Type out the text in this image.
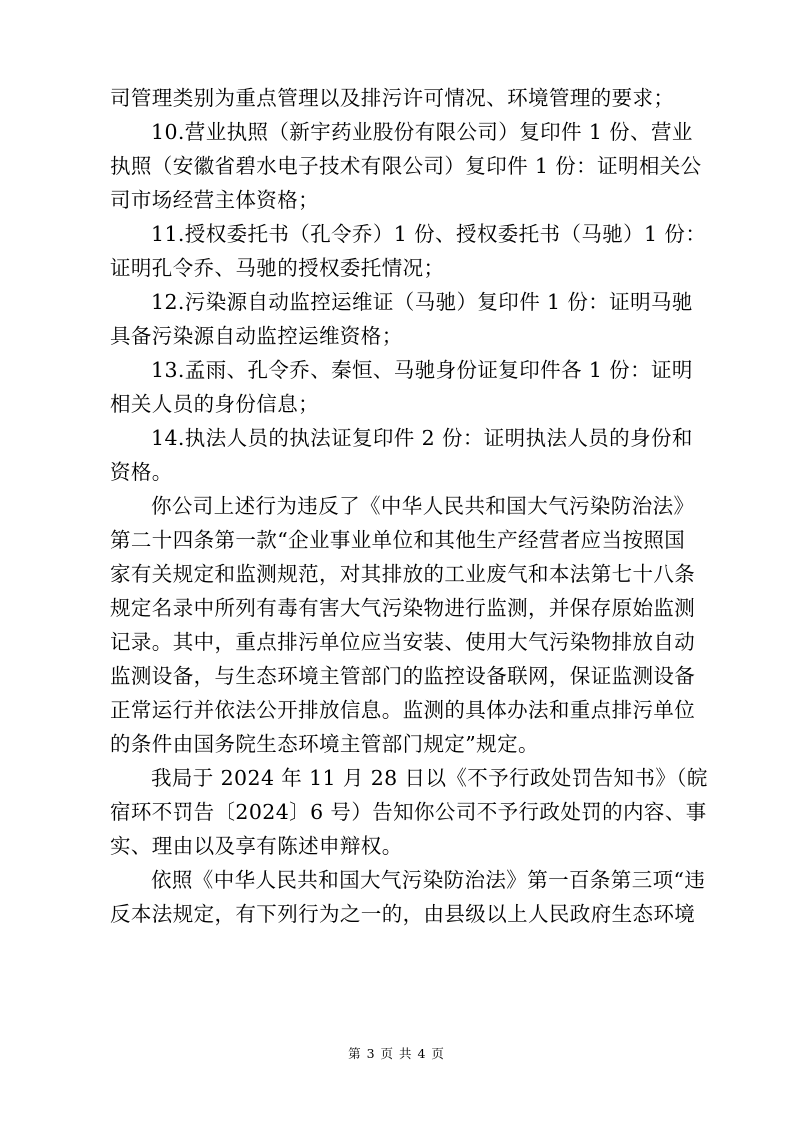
司管理类别为重点管理以及排污许可情况、环境管理的要求；
10.营业执照（新宇药业股份有限公司）复印件 1 份、营业
执照（安徽省碧水电子技术有限公司）复印件 1 份：证明相关公
司市场经营主体资格；
11.授权委托书（孔令乔）1 份、授权委托书（马驰）1 份：
证明孔令乔、马驰的授权委托情况；
12.污染源自动监控运维证（马驰）复印件 1 份：证明马驰
具备污染源自动监控运维资格；
13.孟雨、孔令乔、秦恒、马驰身份证复印件各 1 份：证明
相关人员的身份信息；
14.执法人员的执法证复印件 2 份：证明执法人员的身份和
资格。
你公司上述行为违反了《中华人民共和国大气污染防治法》
第二十四条第一款“企业事业单位和其他生产经营者应当按照国
家有关规定和监测规范，对其排放的工业废气和本法第七十八条
规定名录中所列有毒有害大气污染物进行监测，并保存原始监测
记录。其中，重点排污单位应当安装、使用大气污染物排放自动
监测设备，与生态环境主管部门的监控设备联网，保证监测设备
正常运行并依法公开排放信息。监测的具体办法和重点排污单位
的条件由国务院生态环境主管部门规定”规定。
我局于 2024 年 11 月 28 日以《不予行政处罚告知书》（皖
宿环不罚告〔2024〕6 号）告知你公司不予行政处罚的内容、事
实、理由以及享有陈述申辩权。
依照《中华人民共和国大气污染防治法》第一百条第三项“违
反本法规定，有下列行为之一的，由县级以上人民政府生态环境
第 3 页 共 4 页
